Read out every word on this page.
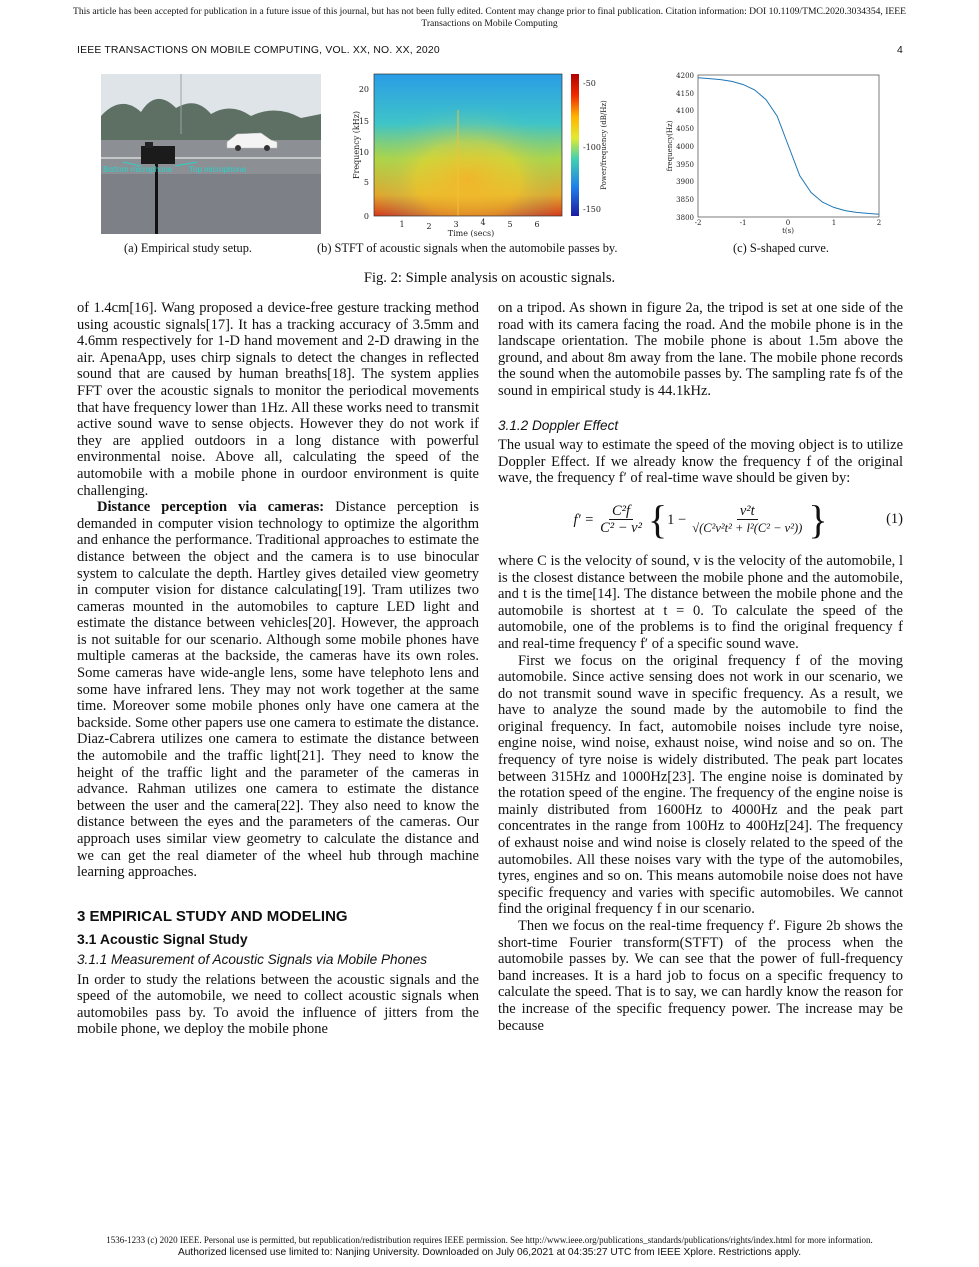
This article has been accepted for publication in a future issue of this journal, but has not been fully edited. Content may change prior to final publication. Citation information: DOI 10.1109/TMC.2020.3034354, IEEE
Transactions on Mobile Computing
IEEE TRANSACTIONS ON MOBILE COMPUTING, VOL. XX, NO. XX, 2020	4
Bottom microphone Top microphone
(a) Empirical study setup.
0
5
10
15
20
1	2	3	4	5	6
Time (secs)
Frequency (kHz)
-50
-100
-150
Power/frequency (dB/Hz)
(b) STFT of acoustic signals when the automobile passes by.
4200
4150
4100
4050
4000
3950
3900
3850
3800
-2	-1	0	1	2
t(s)
frequency(Hz)
(c) S-shaped curve.
Fig. 2: Simple analysis on acoustic signals.

of 1.4cm[16]. Wang proposed a device-free gesture tracking method using acoustic signals[17]. It has a tracking accuracy of 3.5mm and 4.6mm respectively for 1-D hand movement and 2-D drawing in the air. ApenaApp, uses chirp signals to detect the changes in reflected sound that are caused by human breaths[18]. The system applies FFT over the acoustic signals to monitor the periodical movements that have frequency lower than 1Hz. All these works need to transmit active sound wave to sense objects. However they do not work if they are applied outdoors in a long distance with powerful environmental noise. Above all, calculating the speed of the automobile with a mobile phone in ourdoor environment is quite challenging.

Distance perception via cameras: Distance perception is demanded in computer vision technology to optimize the algorithm and enhance the performance. Traditional approaches to estimate the distance between the object and the camera is to use binocular system to calculate the depth. Hartley gives detailed view geometry in computer vision for distance calculating[19]. Tram utilizes two cameras mounted in the automobiles to capture LED light and estimate the distance between vehicles[20]. However, the approach is not suitable for our scenario. Although some mobile phones have multiple cameras at the backside, the cameras have its own roles. Some cameras have wide-angle lens, some have telephoto lens and some have infrared lens. They may not work together at the same time. Moreover some mobile phones only have one camera at the backside. Some other papers use one camera to estimate the distance. Diaz-Cabrera utilizes one camera to estimate the distance between the automobile and the traffic light[21]. They need to know the height of the traffic light and the parameter of the cameras in advance. Rahman utilizes one camera to estimate the distance between the user and the camera[22]. They also need to know the distance between the eyes and the parameters of the cameras. Our approach uses similar view geometry to calculate the distance and we can get the real diameter of the wheel hub through machine learning approaches.

3 EMPIRICAL STUDY AND MODELING
3.1 Acoustic Signal Study
3.1.1 Measurement of Acoustic Signals via Mobile Phones

In order to study the relations between the acoustic signals and the speed of the automobile, we need to collect acoustic signals when automobiles pass by. To avoid the influence of jitters from the mobile phone, we deploy the mobile phone

on a tripod. As shown in figure 2a, the tripod is set at one side of the road with its camera facing the road. And the mobile phone is in the landscape orientation. The mobile phone is about 1.5m above the ground, and about 8m away from the lane. The mobile phone records the sound when the automobile passes by. The sampling rate fs of the sound in empirical study is 44.1kHz.

3.1.2 Doppler Effect

The usual way to estimate the speed of the moving object is to utilize Doppler Effect. If we already know the frequency f of the original wave, the frequency f′ of real-time wave should be given by:

$f' = \frac{\text{C²f}}{\text{C² − v²}}$ { $1 - \frac{\text{v²t}}{\text{√(C²v²t² + l²(C² − v²))}}$ }	(1)

where C is the velocity of sound, v is the velocity of the automobile, l is the closest distance between the mobile phone and the automobile, and t is the time[14]. The distance between the mobile phone and the automobile is shortest at t = 0. To calculate the speed of the automobile, one of the problems is to find the original frequency f and real-time frequency f′ of a specific sound wave.

First we focus on the original frequency f of the moving automobile. Since active sensing does not work in our scenario, we do not transmit sound wave in specific frequency. As a result, we have to analyze the sound made by the automobile to find the original frequency. In fact, automobile noises include tyre noise, engine noise, wind noise, exhaust noise, wind noise and so on. The frequency of tyre noise is widely distributed. The peak part locates between 315Hz and 1000Hz[23]. The engine noise is dominated by the rotation speed of the engine. The frequency of the engine noise is mainly distributed from 1600Hz to 4000Hz and the peak part concentrates in the range from 100Hz to 400Hz[24]. The frequency of exhaust noise and wind noise is closely related to the speed of the automobiles. All these noises vary with the type of the automobiles, tyres, engines and so on. This means automobile noise does not have specific frequency and varies with specific automobiles. We cannot find the original frequency f in our scenario.

Then we focus on the real-time frequency f′. Figure 2b shows the short-time Fourier transform(STFT) of the process when the automobile passes by. We can see that the power of full-frequency band increases. It is a hard job to focus on a specific frequency to calculate the speed. That is to say, we can hardly know the reason for the increase of the specific frequency power. The increase may be because

1536-1233 (c) 2020 IEEE. Personal use is permitted, but republication/redistribution requires IEEE permission. See http://www.ieee.org/publications_standards/publications/rights/index.html for more information.
Authorized licensed use limited to: Nanjing University. Downloaded on July 06,2021 at 04:35:27 UTC from IEEE Xplore. Restrictions apply.
